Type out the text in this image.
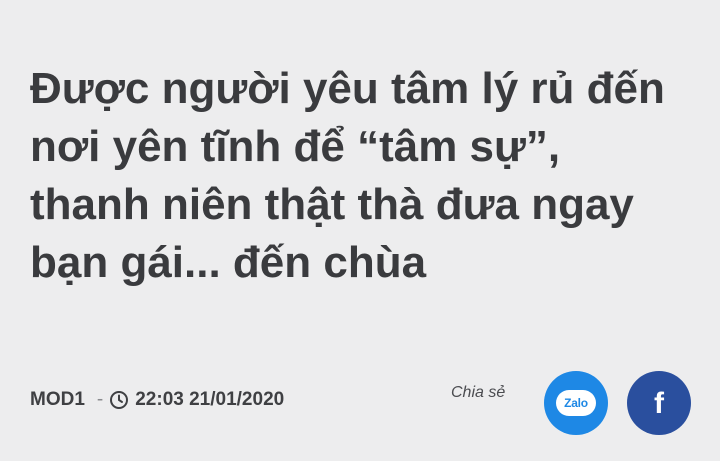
Được người yêu tâm lý rủ đến nơi yên tĩnh để “tâm sự”, thanh niên thật thà đưa ngay bạn gái... đến chùa
MOD1 - 22:03 21/01/2020	Chia sẻ
Zalo f
